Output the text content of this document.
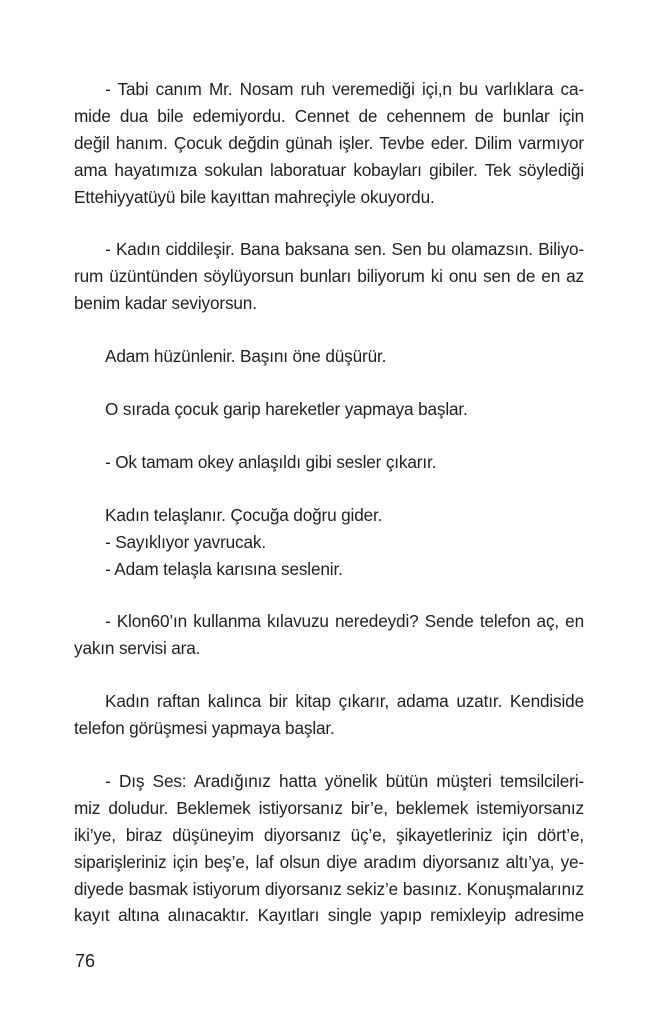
- Tabi canım Mr. Nosam ruh veremediği içi,n bu varlıklara ca-
mide dua bile edemiyordu. Cennet de cehennem de bunlar için
değil hanım. Çocuk değdin günah işler. Tevbe eder. Dilim varmıyor
ama hayatımıza sokulan laboratuar kobayları gibiler. Tek söylediği
Ettehiyyatüyü bile kayıttan mahreçiyle okuyordu.
- Kadın ciddileşir. Bana baksana sen. Sen bu olamazsın. Biliyo-
rum üzüntünden söylüyorsun bunları biliyorum ki onu sen de en az
benim kadar seviyorsun.
Adam hüzünlenir. Başını öne düşürür.
O sırada çocuk garip hareketler yapmaya başlar.
- Ok tamam okey anlaşıldı gibi sesler çıkarır.
Kadın telaşlanır. Çocuğa doğru gider.
- Sayıklıyor yavrucak.
- Adam telaşla karısına seslenir.
- Klon60’ın kullanma kılavuzu neredeydi? Sende telefon aç, en
yakın servisi ara.
Kadın raftan kalınca bir kitap çıkarır, adama uzatır. Kendiside
telefon görüşmesi yapmaya başlar.
- Dış Ses: Aradığınız hatta yönelik bütün müşteri temsilcileri-
miz doludur. Beklemek istiyorsanız bir’e, beklemek istemiyorsanız
iki’ye, biraz düşüneyim diyorsanız üç’e, şikayetleriniz için dört’e,
siparişleriniz için beş’e, laf olsun diye aradım diyorsanız altı’ya, ye-
diyede basmak istiyorum diyorsanız sekiz’e basınız. Konuşmalarınız
kayıt altına alınacaktır. Kayıtları single yapıp remixleyip adresime
76
